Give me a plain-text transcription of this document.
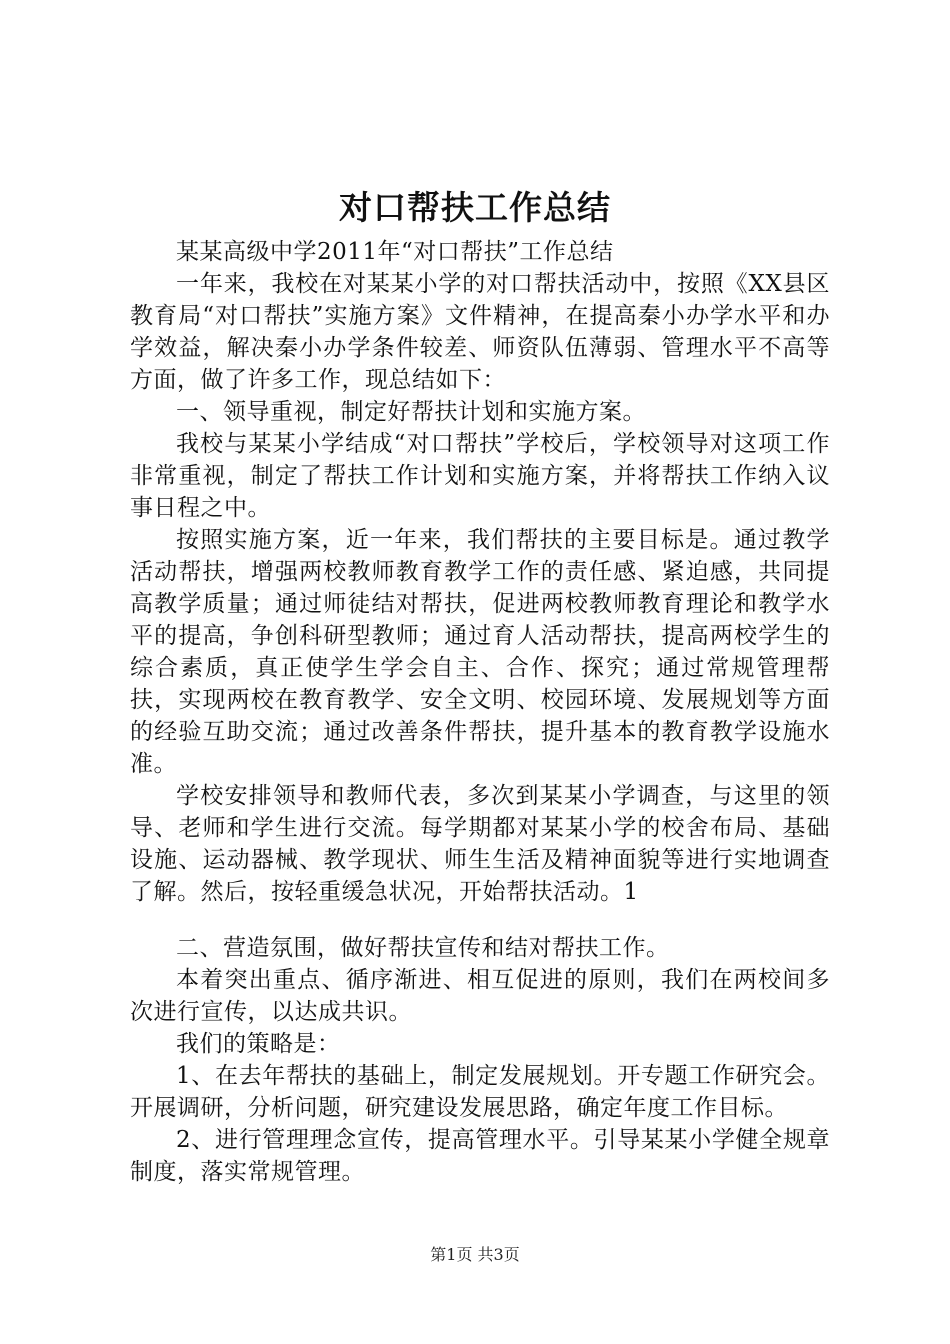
对口帮扶工作总结

某某高级中学2011年“对口帮扶”工作总结

一年来，我校在对某某小学的对口帮扶活动中，按照《XX县区教育局“对口帮扶”实施方案》文件精神，在提高秦小办学水平和办学效益，解决秦小办学条件较差、师资队伍薄弱、管理水平不高等方面，做了许多工作，现总结如下：

一、领导重视，制定好帮扶计划和实施方案。

我校与某某小学结成“对口帮扶”学校后，学校领导对这项工作非常重视，制定了帮扶工作计划和实施方案，并将帮扶工作纳入议事日程之中。

按照实施方案，近一年来，我们帮扶的主要目标是。通过教学活动帮扶，增强两校教师教育教学工作的责任感、紧迫感，共同提高教学质量；通过师徒结对帮扶，促进两校教师教育理论和教学水平的提高，争创科研型教师；通过育人活动帮扶，提高两校学生的综合素质，真正使学生学会自主、合作、探究；通过常规管理帮扶，实现两校在教育教学、安全文明、校园环境、发展规划等方面的经验互助交流；通过改善条件帮扶，提升基本的教育教学设施水准。

学校安排领导和教师代表，多次到某某小学调查，与这里的领导、老师和学生进行交流。每学期都对某某小学的校舍布局、基础设施、运动器械、教学现状、师生生活及精神面貌等进行实地调查了解。然后，按轻重缓急状况，开始帮扶活动。1

二、营造氛围，做好帮扶宣传和结对帮扶工作。

本着突出重点、循序渐进、相互促进的原则，我们在两校间多次进行宣传，以达成共识。

我们的策略是：

1、在去年帮扶的基础上，制定发展规划。开专题工作研究会。开展调研，分析问题，研究建设发展思路，确定年度工作目标。

2、进行管理理念宣传，提高管理水平。引导某某小学健全规章制度，落实常规管理。

第1页 共3页
